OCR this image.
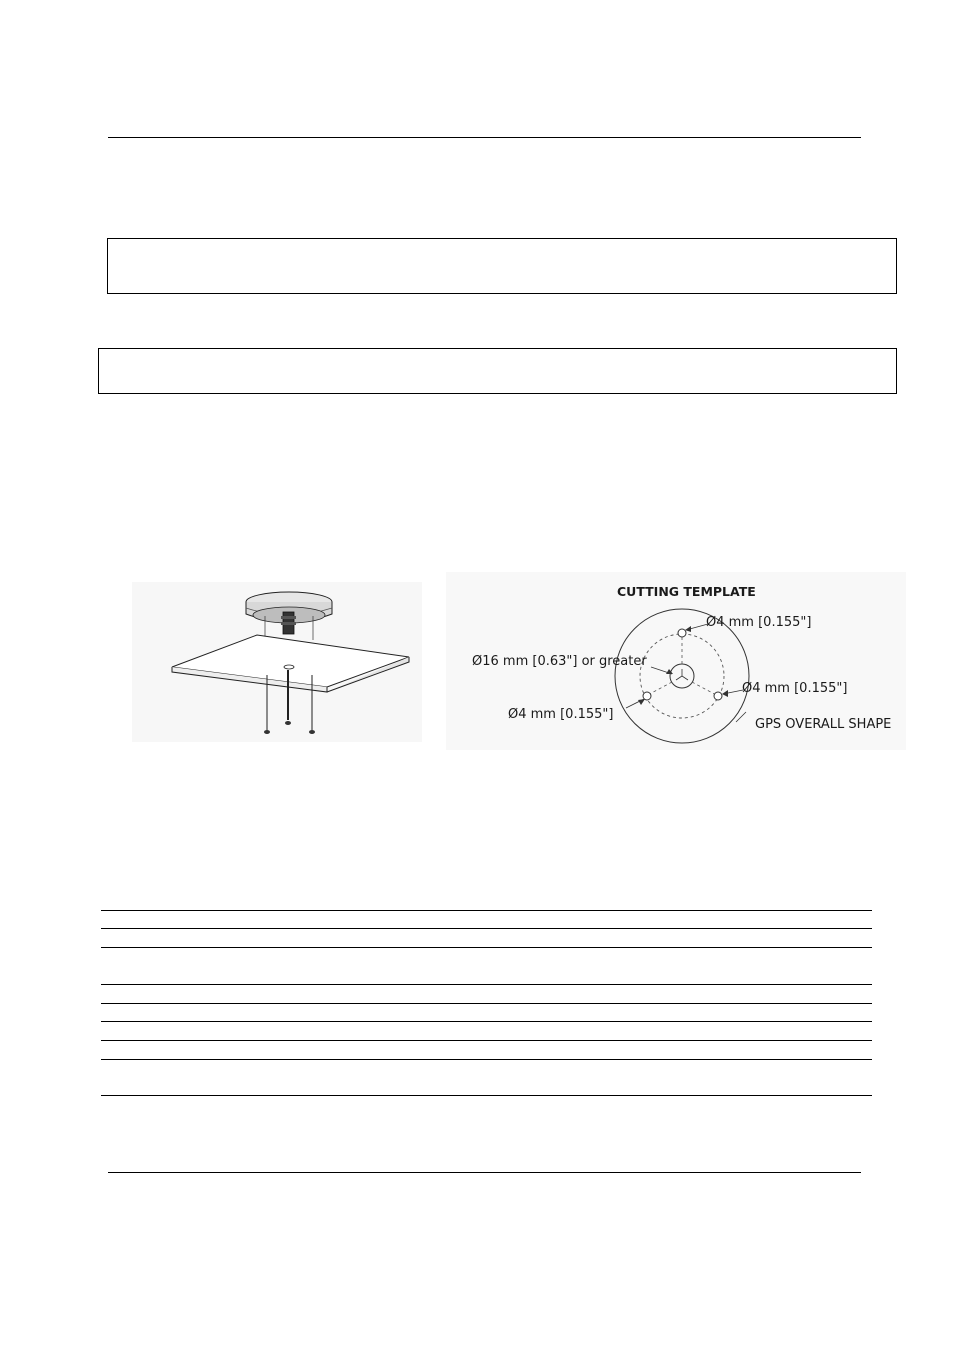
CUTTING TEMPLATE
Ø4 mm [0.155"]
Ø16 mm [0.63"] or greater
Ø4 mm [0.155"]
Ø4 mm [0.155"]
GPS OVERALL SHAPE
